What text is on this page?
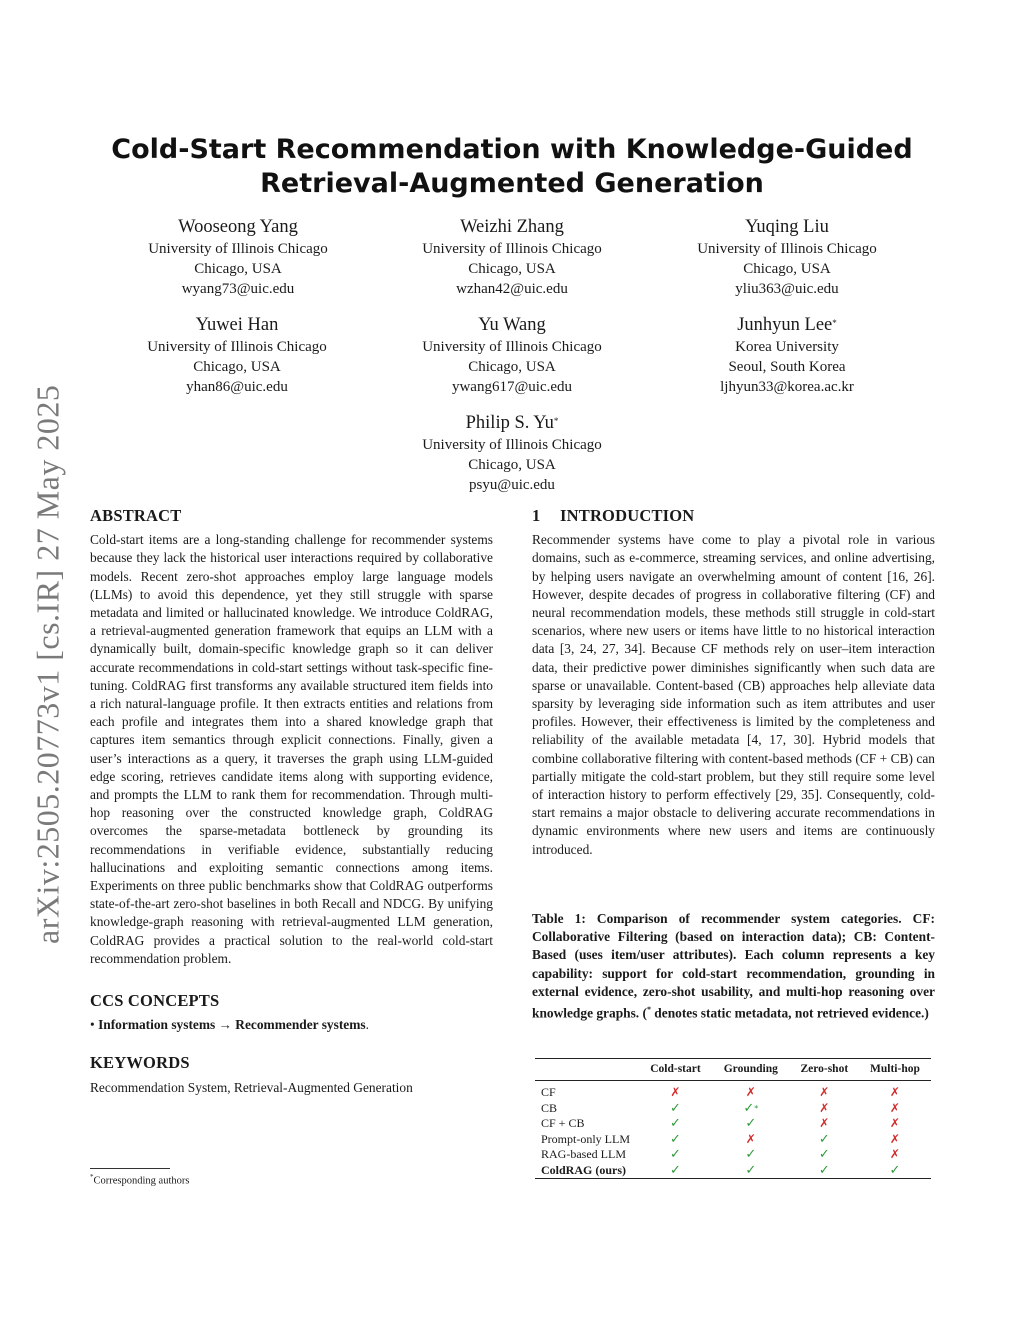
arXiv:2505.20773v1 [cs.IR] 27 May 2025
Cold-Start Recommendation with Knowledge-Guided
Retrieval-Augmented Generation
Wooseong Yang
University of Illinois Chicago
Chicago, USA
wyang73@uic.edu
Weizhi Zhang
University of Illinois Chicago
Chicago, USA
wzhan42@uic.edu
Yuqing Liu
University of Illinois Chicago
Chicago, USA
yliu363@uic.edu
Yuwei Han
University of Illinois Chicago
Chicago, USA
yhan86@uic.edu
Yu Wang
University of Illinois Chicago
Chicago, USA
ywang617@uic.edu
Junhyun Lee*
Korea University
Seoul, South Korea
ljhyun33@korea.ac.kr
Philip S. Yu*
University of Illinois Chicago
Chicago, USA
psyu@uic.edu
ABSTRACT

Cold-start items are a long-standing challenge for recommender systems because they lack the historical user interactions required by collaborative models. Recent zero-shot approaches employ large language models (LLMs) to avoid this dependence, yet they still struggle with sparse metadata and limited or hallucinated knowledge. We introduce ColdRAG, a retrieval-augmented generation framework that equips an LLM with a dynamically built, domain-specific knowledge graph so it can deliver accurate recommendations in cold-start settings without task-specific fine-tuning. ColdRAG first transforms any available structured item fields into a rich natural-language profile. It then extracts entities and relations from each profile and integrates them into a shared knowledge graph that captures item semantics through explicit connections. Finally, given a user’s interactions as a query, it traverses the graph using LLM-guided edge scoring, retrieves candidate items along with supporting evidence, and prompts the LLM to rank them for recommendation. Through multi-hop reasoning over the constructed knowledge graph, ColdRAG overcomes the sparse-metadata bottleneck by grounding its recommendations in verifiable evidence, substantially reducing hallucinations and exploiting semantic connections among items. Experiments on three public benchmarks show that ColdRAG outperforms state-of-the-art zero-shot baselines in both Recall and NDCG. By unifying knowledge-graph reasoning with retrieval-augmented LLM generation, ColdRAG provides a practical solution to the real-world cold-start recommendation problem.

CCS CONCEPTS
• Information systems → Recommender systems.
KEYWORDS
Recommendation System, Retrieval-Augmented Generation
*Corresponding authors
1 INTRODUCTION

Recommender systems have come to play a pivotal role in various domains, such as e-commerce, streaming services, and online advertising, by helping users navigate an overwhelming amount of content [16, 26]. However, despite decades of progress in collaborative filtering (CF) and neural recommendation models, these methods still struggle in cold-start scenarios, where new users or items have little to no historical interaction data [3, 24, 27, 34]. Because CF methods rely on user–item interaction data, their predictive power diminishes significantly when such data are sparse or unavailable. Content-based (CB) approaches help alleviate data sparsity by leveraging side information such as item attributes and user profiles. However, their effectiveness is limited by the completeness and reliability of the available metadata [4, 17, 30]. Hybrid models that combine collaborative filtering with content-based methods (CF + CB) can partially mitigate the cold-start problem, but they still require some level of interaction history to perform effectively [29, 35]. Consequently, cold-start remains a major obstacle to delivering accurate recommendations in dynamic environments where new users and items are continuously introduced.

Table 1: Comparison of recommender system categories. CF: Collaborative Filtering (based on interaction data); CB: Content-Based (uses item/user attributes). Each column represents a key capability: support for cold-start recommendation, grounding in external evidence, zero-shot usability, and multi-hop reasoning over knowledge graphs. (* denotes static metadata, not retrieved evidence.)
	Cold-start	Grounding	Zero-shot	Multi-hop
CF	✗	✗	✗	✗
CB	✓	✓*	✗	✗
CF + CB	✓	✓	✗	✗
Prompt-only LLM	✓	✗	✓	✗
RAG-based LLM	✓	✓	✓	✗
ColdRAG (ours)	✓	✓	✓	✓
